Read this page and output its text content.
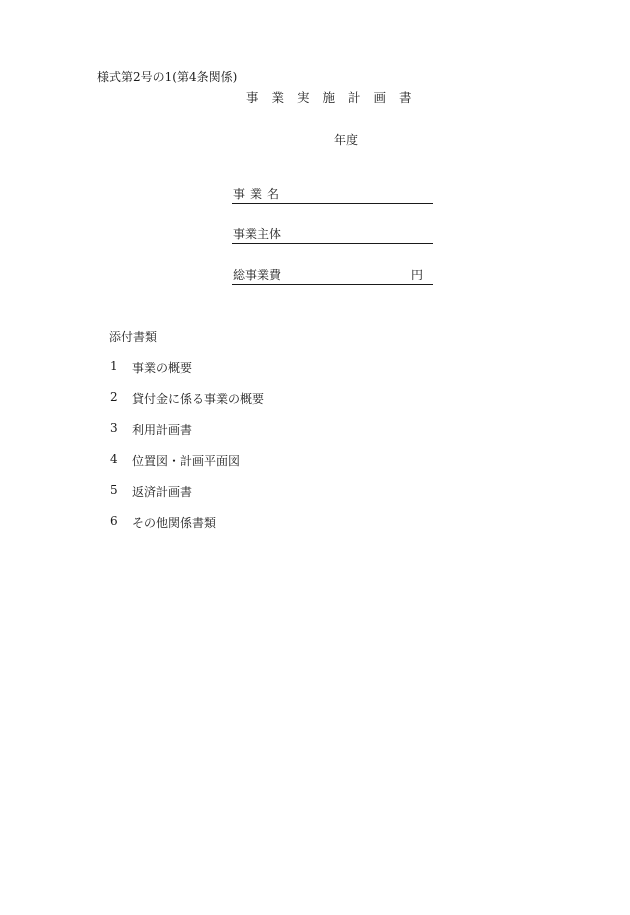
様式第2号の1(第4条関係)
事業実施計画書
年度
事業名
事業主体
総事業費	円
添付書類
1	事業の概要
2	貸付金に係る事業の概要
3	利用計画書
4	位置図・計画平面図
5	返済計画書
6	その他関係書類
